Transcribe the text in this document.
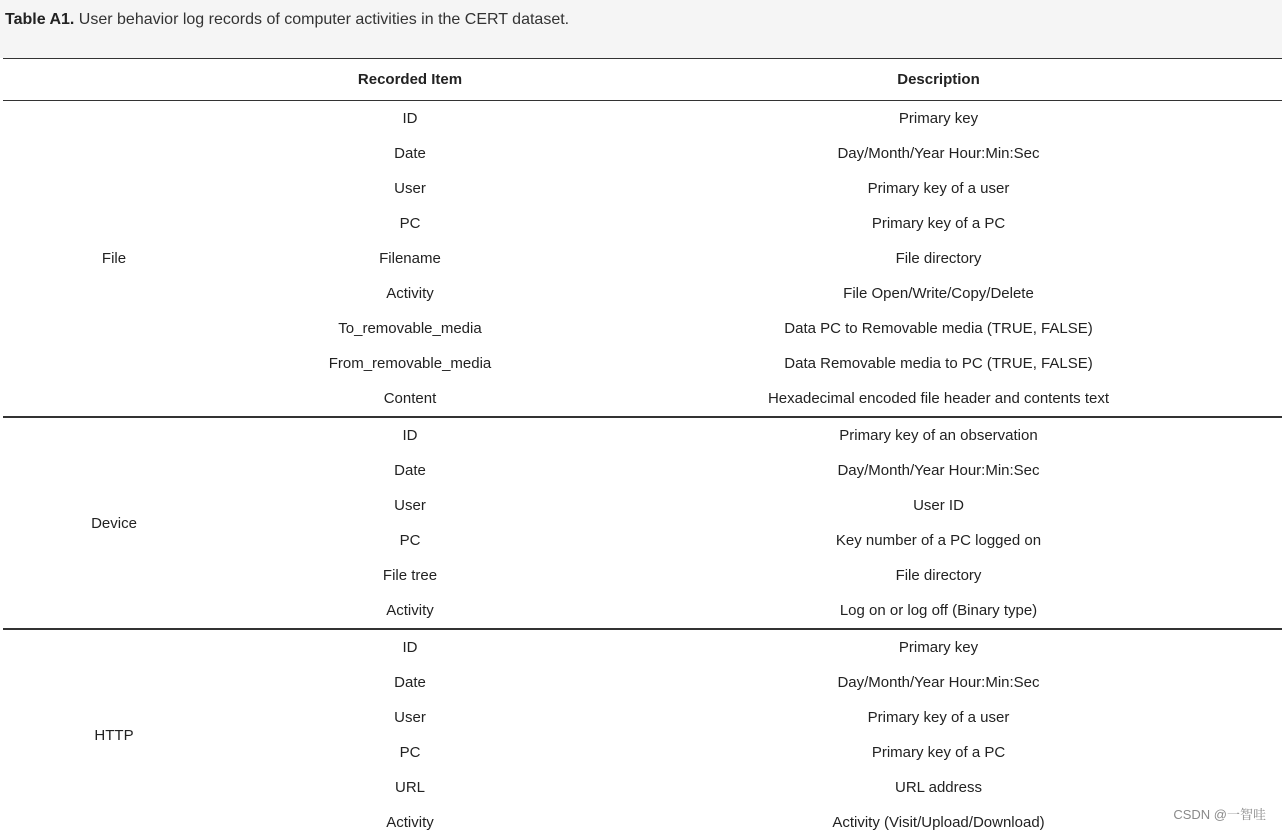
Table A1. User behavior log records of computer activities in the CERT dataset.
	Recorded Item	Description
File	ID	Primary key
	Date	Day/Month/Year Hour:Min:Sec
	User	Primary key of a user
	PC	Primary key of a PC
	Filename	File directory
	Activity	File Open/Write/Copy/Delete
	To_removable_media	Data PC to Removable media (TRUE, FALSE)
	From_removable_media	Data Removable media to PC (TRUE, FALSE)
	Content	Hexadecimal encoded file header and contents text
Device	ID	Primary key of an observation
	Date	Day/Month/Year Hour:Min:Sec
	User	User ID
	PC	Key number of a PC logged on
	File tree	File directory
	Activity	Log on or log off (Binary type)
HTTP	ID	Primary key
	Date	Day/Month/Year Hour:Min:Sec
	User	Primary key of a user
	PC	Primary key of a PC
	URL	URL address
	Activity	Activity (Visit/Upload/Download)	CSDN @一智哇
